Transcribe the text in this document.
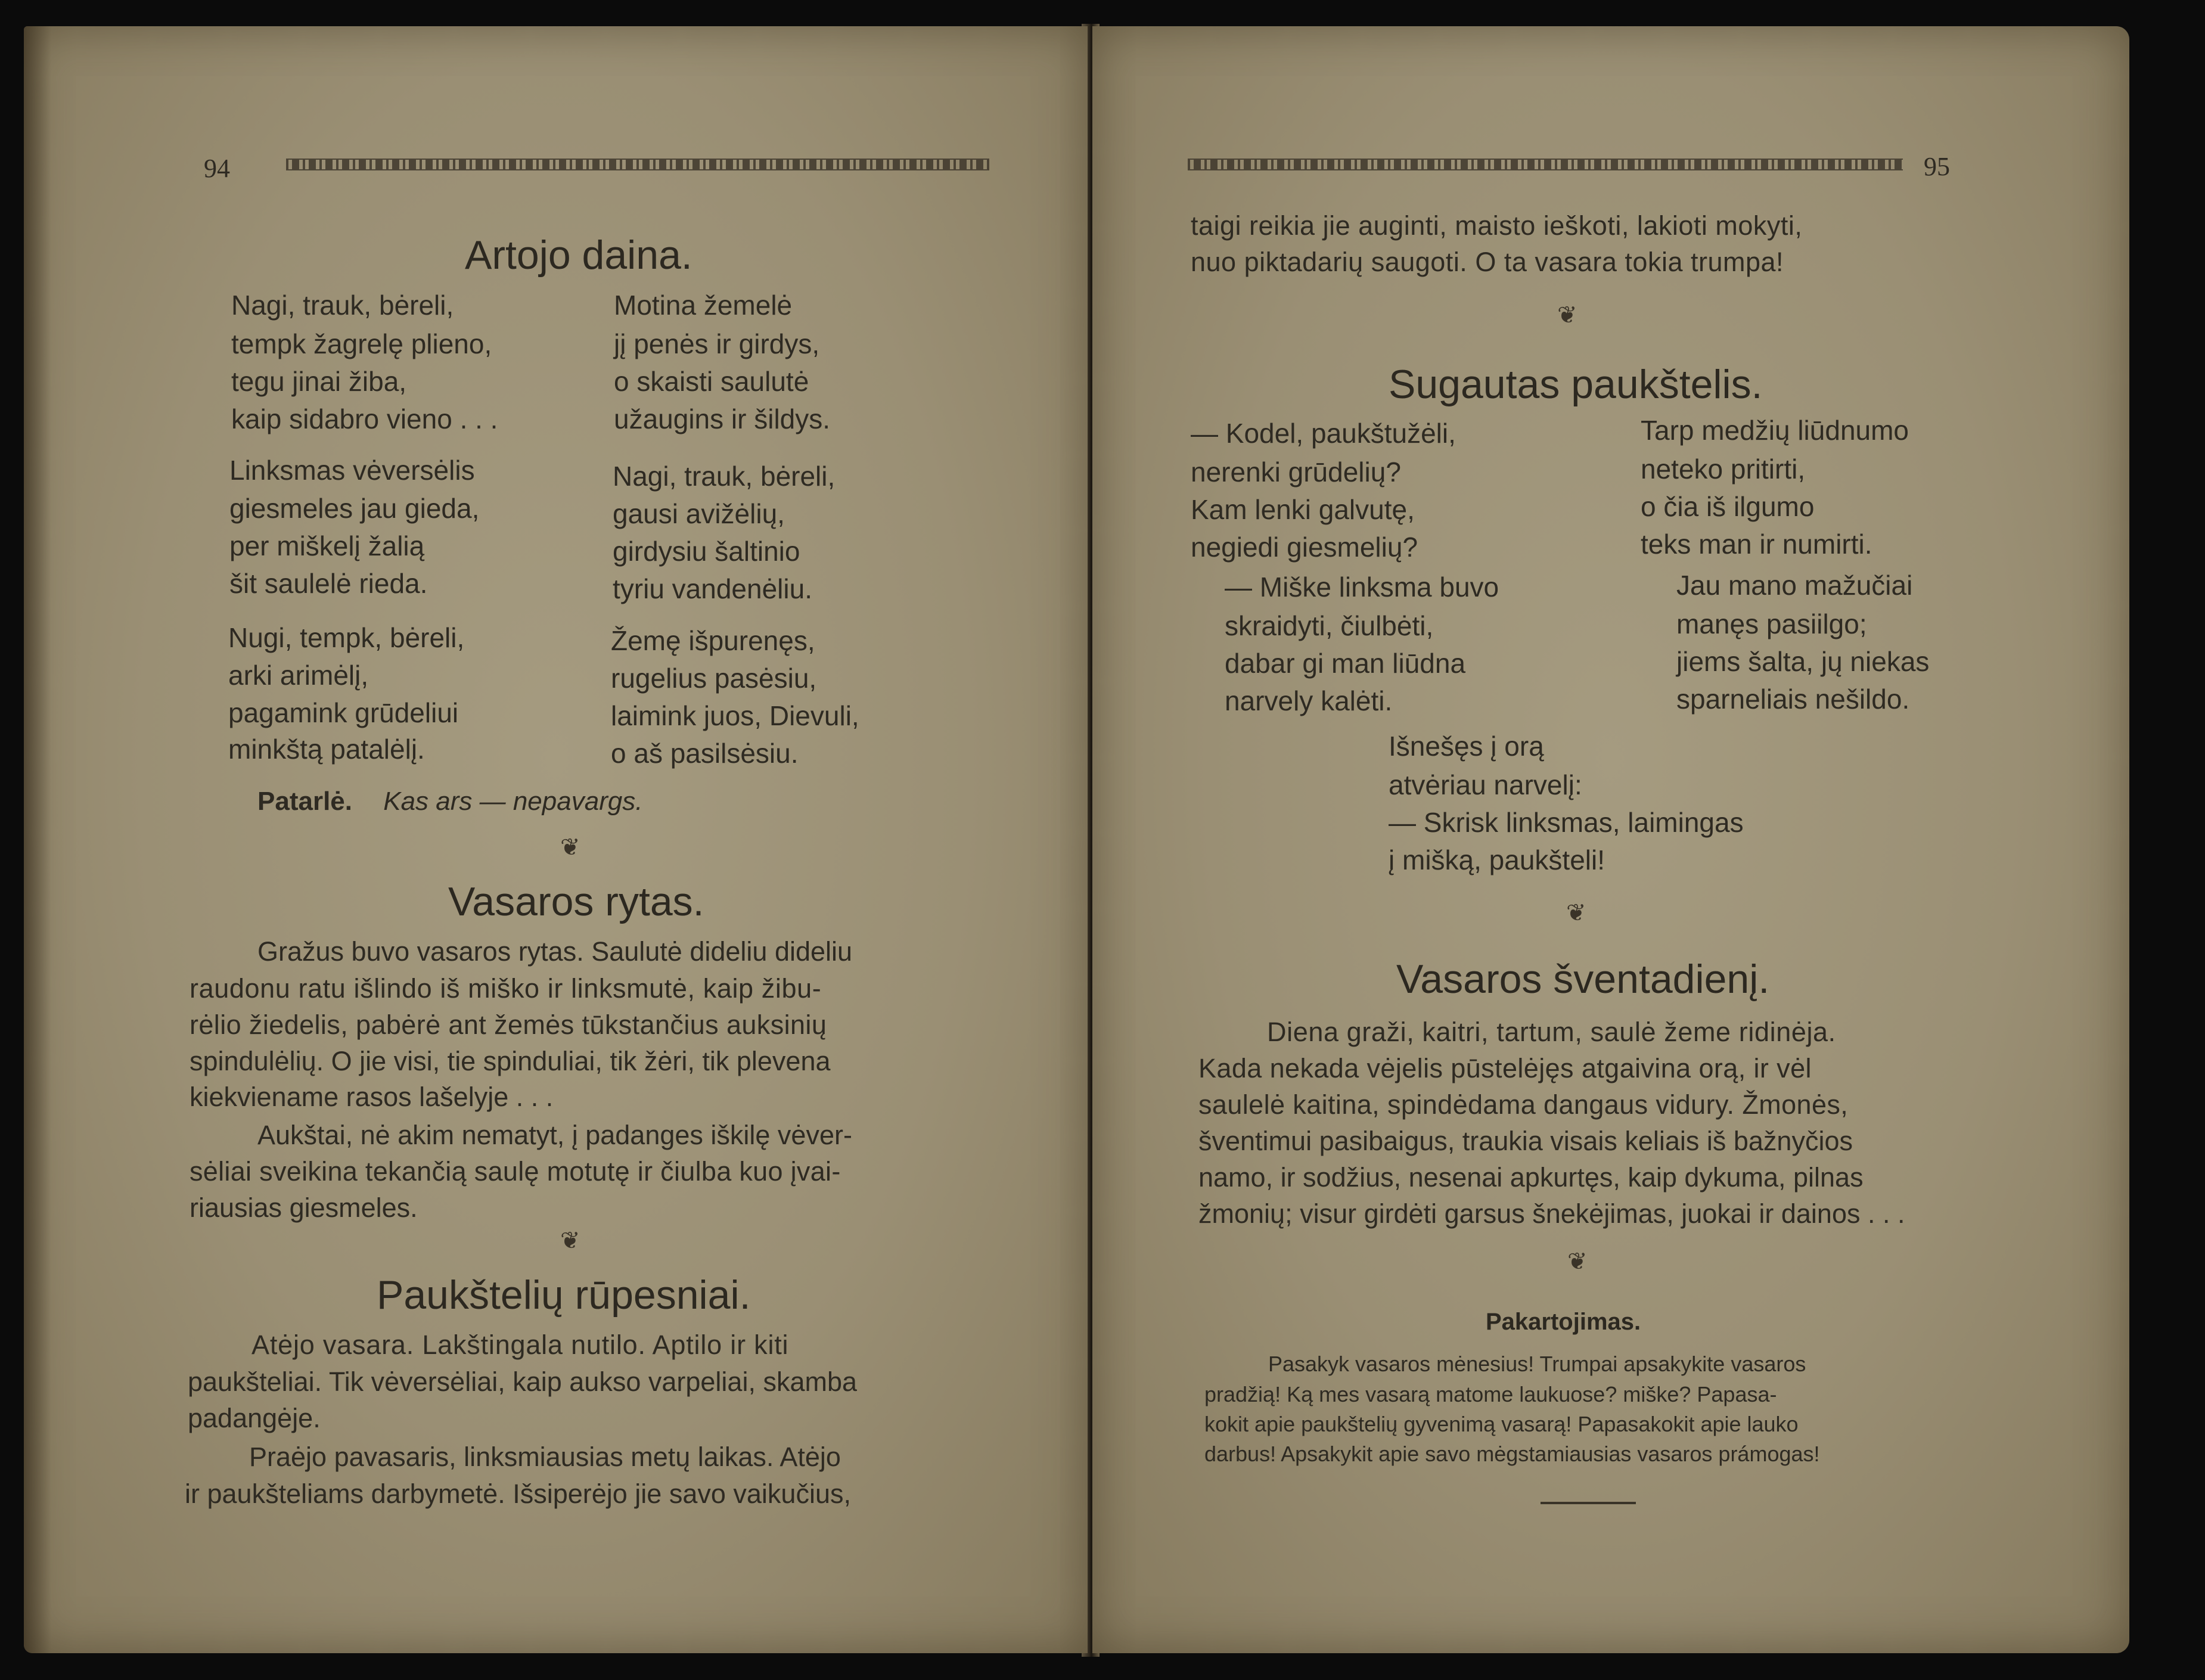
94
Artojo daina.
Nagi, trauk, bėreli,
tempk žagrelę plieno,
tegu jinai žiba,
kaip sidabro vieno . . .
Linksmas vėversėlis
giesmeles jau gieda,
per miškelį žalią
šit saulelė rieda.
Nugi, tempk, bėreli,
arki arimėlį,
pagamink grūdeliui
minkštą patalėlį.
Motina žemelė
jį penės ir girdys,
o skaisti saulutė
užaugins ir šildys.
Nagi, trauk, bėreli,
gausi avižėlių,
girdysiu šaltinio
tyriu vandenėliu.
Žemę išpurenęs,
rugelius pasėsiu,
laimink juos, Dievuli,
o aš pasilsėsiu.
Patarlė. Kas ars — nepavargs.
❦
Vasaros rytas.
Gražus buvo vasaros rytas. Saulutė dideliu dideliu
raudonu ratu išlindo iš miško ir linksmutė, kaip žibu-
rėlio žiedelis, pabėrė ant žemės tūkstančius auksinių
spindulėlių. O jie visi, tie spinduliai, tik žėri, tik plevena
kiekviename rasos lašelyje . . .
Aukštai, nė akim nematyt, į padanges iškilę vėver-
sėliai sveikina tekančią saulę motutę ir čiulba kuo įvai-
riausias giesmeles.
❦
Paukštelių rūpesniai.
Atėjo vasara. Lakštingala nutilo. Aptilo ir kiti
paukšteliai. Tik vėversėliai, kaip aukso varpeliai, skamba
padangėje.
Praėjo pavasaris, linksmiausias metų laikas. Atėjo
ir paukšteliams darbymetė. Išsiperėjo jie savo vaikučius,
95
taigi reikia jie auginti, maisto ieškoti, lakioti mokyti,
nuo piktadarių saugoti. O ta vasara tokia trumpa!
❦
Sugautas paukštelis.
— Kodel, paukštužėli,
nerenki grūdelių?
Kam lenki galvutę,
negiedi giesmelių?
— Miške linksma buvo
skraidyti, čiulbėti,
dabar gi man liūdna
narvely kalėti.
Tarp medžių liūdnumo
neteko pritirti,
o čia iš ilgumo
teks man ir numirti.
Jau mano mažučiai
manęs pasiilgo;
jiems šalta, jų niekas
sparneliais nešildo.
Išnešęs į orą
atvėriau narvelį:
— Skrisk linksmas, laimingas
į mišką, paukšteli!
❦
Vasaros šventadienį.
Diena graži, kaitri, tartum, saulė žeme ridinėja.
Kada nekada vėjelis pūstelėjęs atgaivina orą, ir vėl
saulelė kaitina, spindėdama dangaus vidury. Žmonės,
šventimui pasibaigus, traukia visais keliais iš bažnyčios
namo, ir sodžius, nesenai apkurtęs, kaip dykuma, pilnas
žmonių; visur girdėti garsus šnekėjimas, juokai ir dainos . . .
❦
Pakartojimas.
Pasakyk vasaros mėnesius! Trumpai apsakykite vasaros
pradžią! Ką mes vasarą matome laukuose? miške? Papasa-
kokit apie paukštelių gyvenimą vasarą! Papasakokit apie lauko
darbus! Apsakykit apie savo mėgstamiausias vasaros prámogas!
